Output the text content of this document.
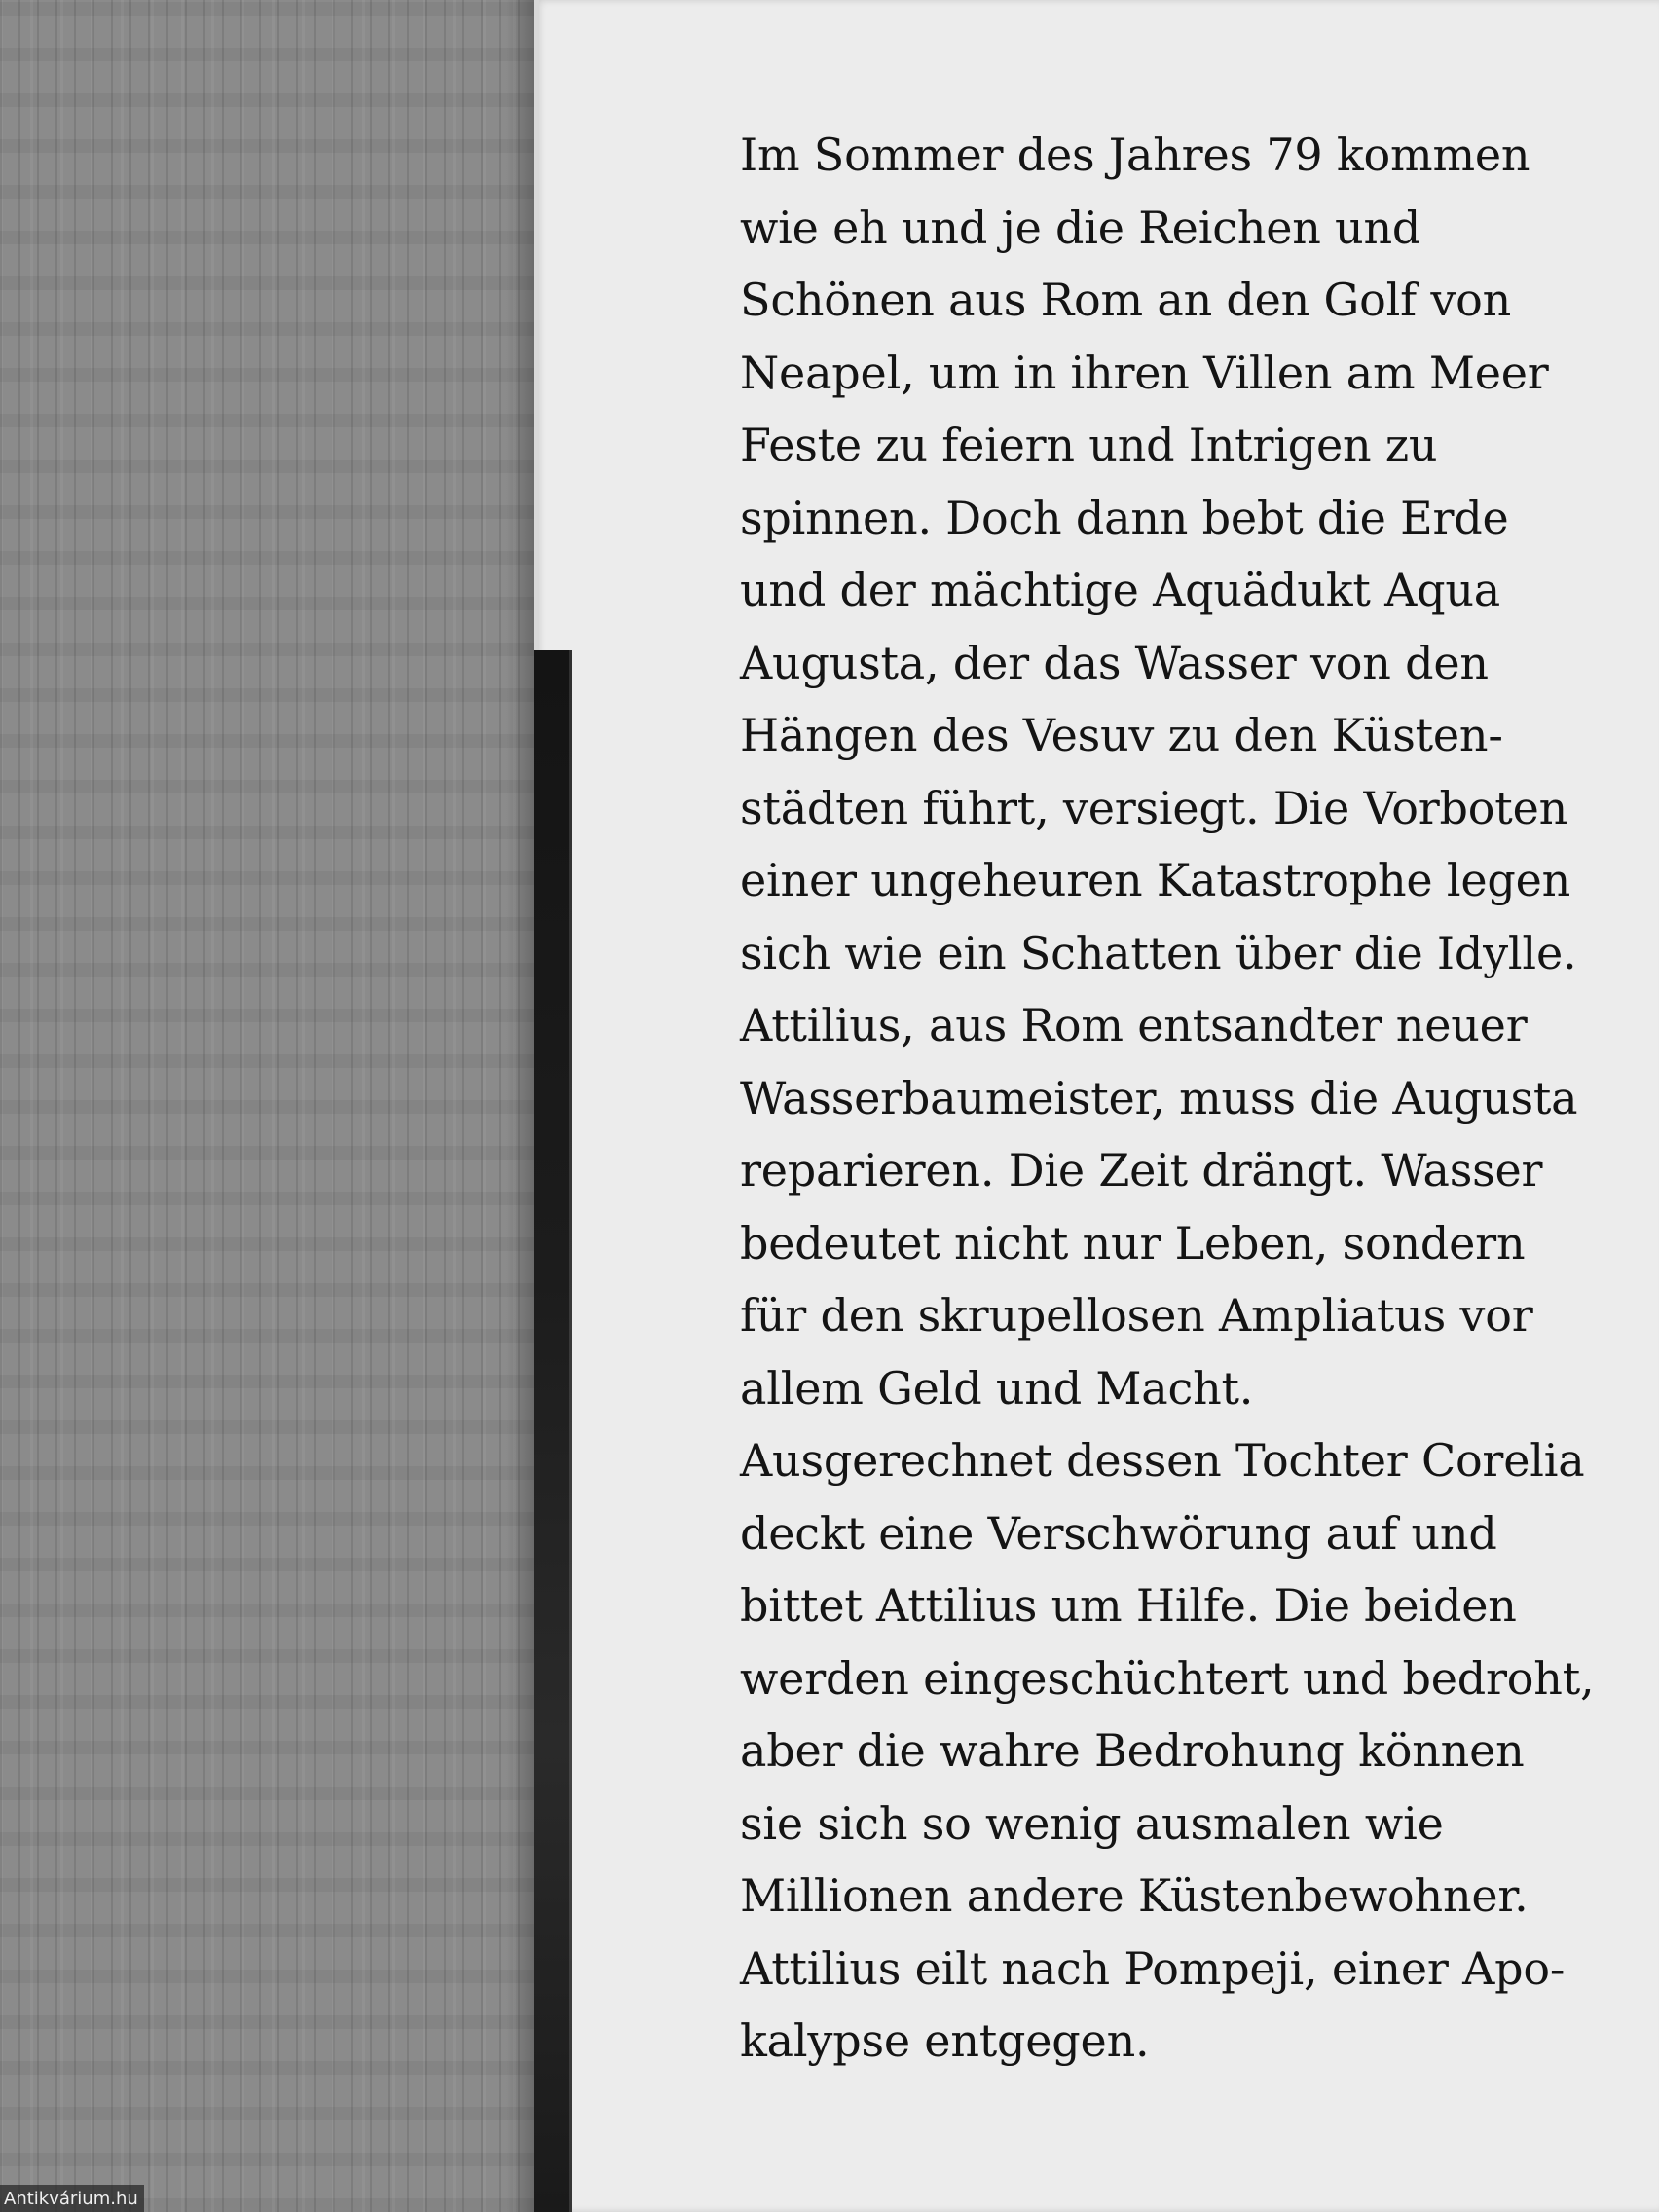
Im Sommer des Jahres 79 kommen
wie eh und je die Reichen und
Schönen aus Rom an den Golf von
Neapel, um in ihren Villen am Meer
Feste zu feiern und Intrigen zu
spinnen. Doch dann bebt die Erde
und der mächtige Aquädukt Aqua
Augusta, der das Wasser von den
Hängen des Vesuv zu den Küsten-
städten führt, versiegt. Die Vorboten
einer ungeheuren Katastrophe legen
sich wie ein Schatten über die Idylle.
Attilius, aus Rom entsandter neuer
Wasserbaumeister, muss die Augusta
reparieren. Die Zeit drängt. Wasser
bedeutet nicht nur Leben, sondern
für den skrupellosen Ampliatus vor
allem Geld und Macht.
Ausgerechnet dessen Tochter Corelia
deckt eine Verschwörung auf und
bittet Attilius um Hilfe. Die beiden
werden eingeschüchtert und bedroht,
aber die wahre Bedrohung können
sie sich so wenig ausmalen wie
Millionen andere Küstenbewohner.
Attilius eilt nach Pompeji, einer Apo-
kalypse entgegen.

Antikvárium.hu
